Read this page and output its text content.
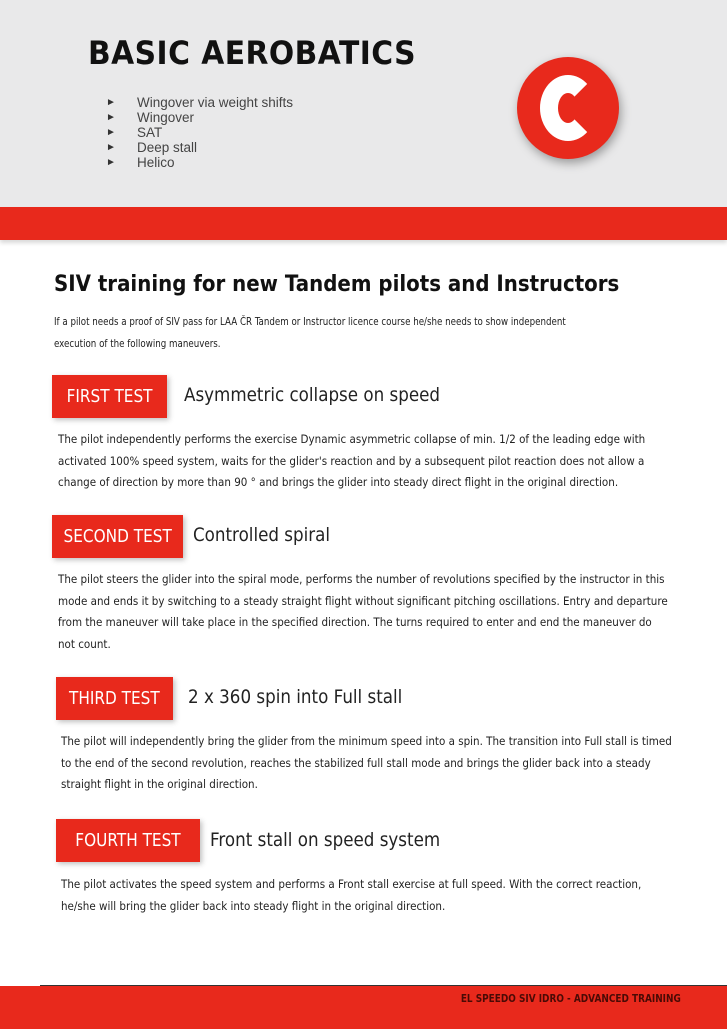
BASIC AEROBATICS
►	Wingover via weight shifts
►	Wingover
►	SAT
►	Deep stall
►	Helico
SIV training for new Tandem pilots and Instructors
If a pilot needs a proof of SIV pass for LAA ČR Tandem or Instructor licence course he/she needs to show independent execution of the following maneuvers.
FIRST TEST	Asymmetric collapse on speed
The pilot independently performs the exercise Dynamic asymmetric collapse of min. 1/2 of the leading edge with activated 100% speed system, waits for the glider's reaction and by a subsequent pilot reaction does not allow a change of direction by more than 90 ° and brings the glider into steady direct flight in the original direction.
SECOND TEST	Controlled spiral
The pilot steers the glider into the spiral mode, performs the number of revolutions specified by the instructor in this mode and ends it by switching to a steady straight flight without significant pitching oscillations. Entry and departure from the maneuver will take place in the specified direction. The turns required to enter and end the maneuver do not count.
THIRD TEST	2 x 360 spin into Full stall
The pilot will independently bring the glider from the minimum speed into a spin. The transition into Full stall is timed to the end of the second revolution, reaches the stabilized full stall mode and brings the glider back into a steady straight flight in the original direction.
FOURTH TEST	Front stall on speed system
The pilot activates the speed system and performs a Front stall exercise at full speed. With the correct reaction, he/she will bring the glider back into steady flight in the original direction.
EL SPEEDO SIV IDRO - ADVANCED TRAINING
